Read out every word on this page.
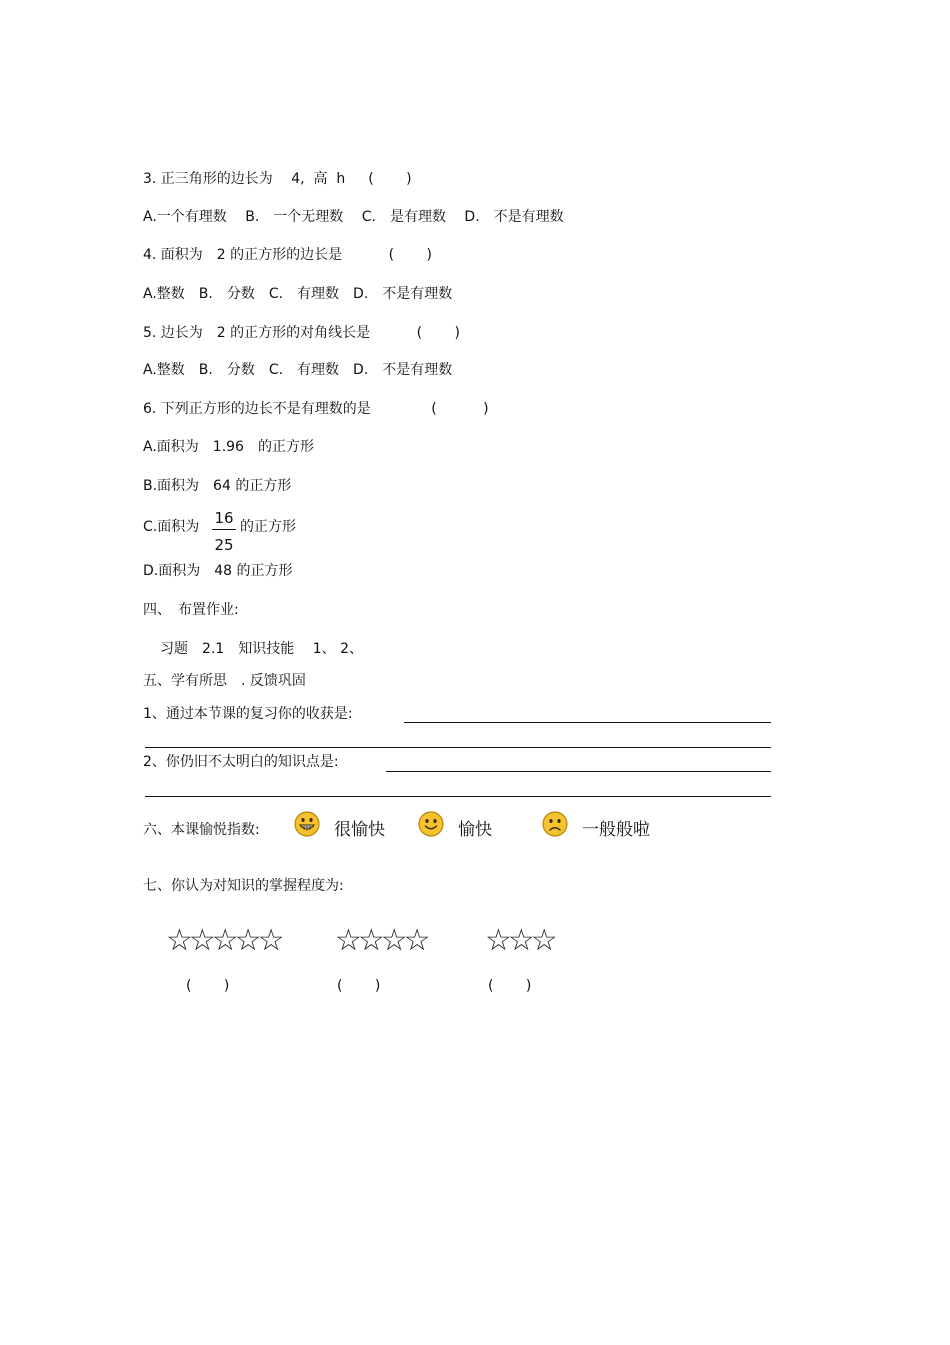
3. 正三角形的边长为　 4,  高  h 　 (　　 )
A.一个有理数　 B.　一个无理数　 C.　是有理数　 D.　不是有理数
4. 面积为　2 的正方形的边长是　　　 (　　 )
A.整数　B.　分数　C.　有理数　D.　不是有理数
5. 边长为　2 的正方形的对角线长是　　　 (　　 )
A.整数　B.　分数　C.　有理数　D.　不是有理数
6. 下列正方形的边长不是有理数的是　　　　 (　　　 )
A.面积为　1.96　的正方形
B.面积为　64 的正方形
C.面积为 16
25
的正方形
D.面积为　48 的正方形
四、　布置作业:
习题　2.1　知识技能　 1、 2、
五、学有所思　. 反馈巩固
1、通过本节课的复习你的收获是:
2、你仍旧不太明白的知识点是:
六、本课愉悦指数:	很愉快	愉快	一般般啦
七、你认为对知识的掌握程度为:
☆☆☆☆☆ ☆☆☆☆ ☆☆☆
(　　 )	(　　 )	(　　 )
